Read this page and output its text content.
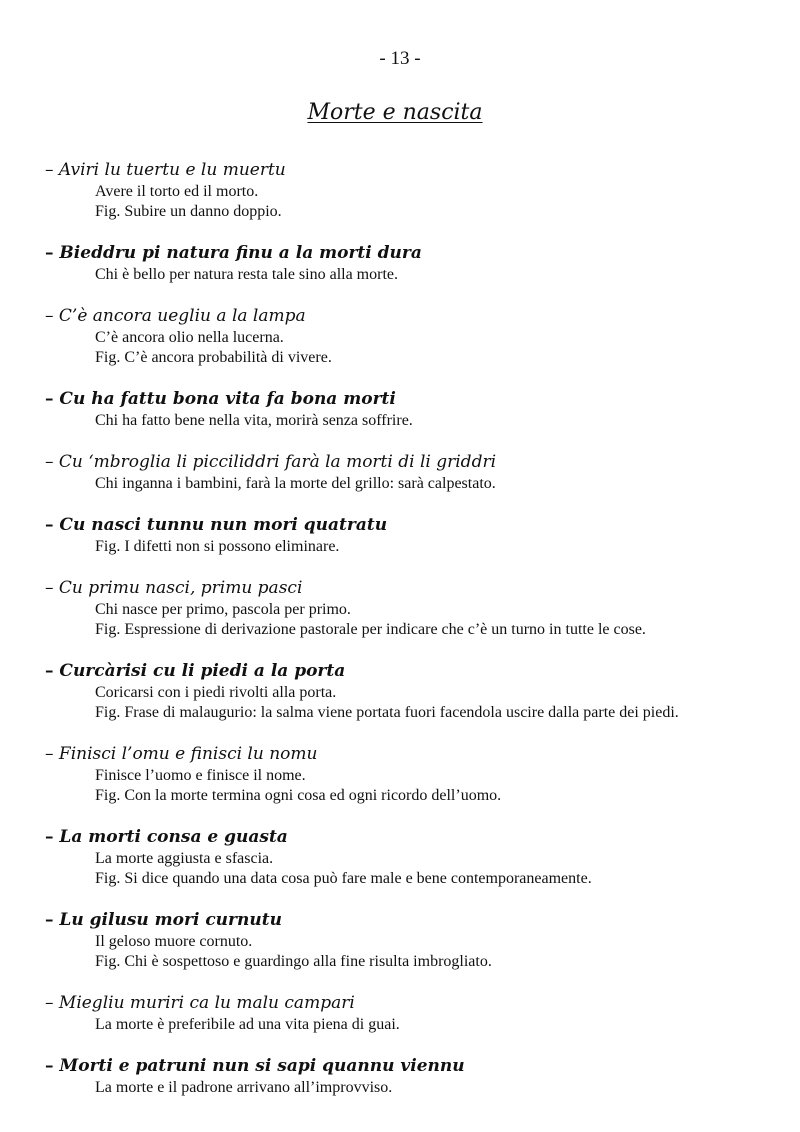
- 13 -
Morte e nascita
– Aviri lu tuertu e lu muertu
Avere il torto ed il morto.
Fig. Subire un danno doppio.
– Bieddru pi natura finu a la morti dura
Chi è bello per natura resta tale sino alla morte.
– C’è ancora uegliu a la lampa
C’è ancora olio nella lucerna.
Fig. C’è ancora probabilità di vivere.
– Cu ha fattu bona vita fa bona morti
Chi ha fatto bene nella vita, morirà senza soffrire.
– Cu ‘mbroglia li picciliddri farà la morti di li griddri
Chi inganna i bambini, farà la morte del grillo: sarà calpestato.
– Cu nasci tunnu nun mori quatratu
Fig. I difetti non si possono eliminare.
– Cu primu nasci, primu pasci
Chi nasce per primo, pascola per primo.
Fig. Espressione di derivazione pastorale per indicare che c’è un turno in tutte le cose.
– Curcàrisi cu li piedi a la porta
Coricarsi con i piedi rivolti alla porta.
Fig. Frase di malaugurio: la salma viene portata fuori facendola uscire dalla parte dei piedi.
– Finisci l’omu e finisci lu nomu
Finisce l’uomo e finisce il nome.
Fig. Con la morte termina ogni cosa ed ogni ricordo dell’uomo.
– La morti consa e guasta
La morte aggiusta e sfascia.
Fig. Si dice quando una data cosa può fare male e bene contemporaneamente.
– Lu gilusu mori curnutu
Il geloso muore cornuto.
Fig. Chi è sospettoso e guardingo alla fine risulta imbrogliato.
– Miegliu muriri ca lu malu campari
La morte è preferibile ad una vita piena di guai.
– Morti e patruni nun si sapi quannu viennu
La morte e il padrone arrivano all’improvviso.
